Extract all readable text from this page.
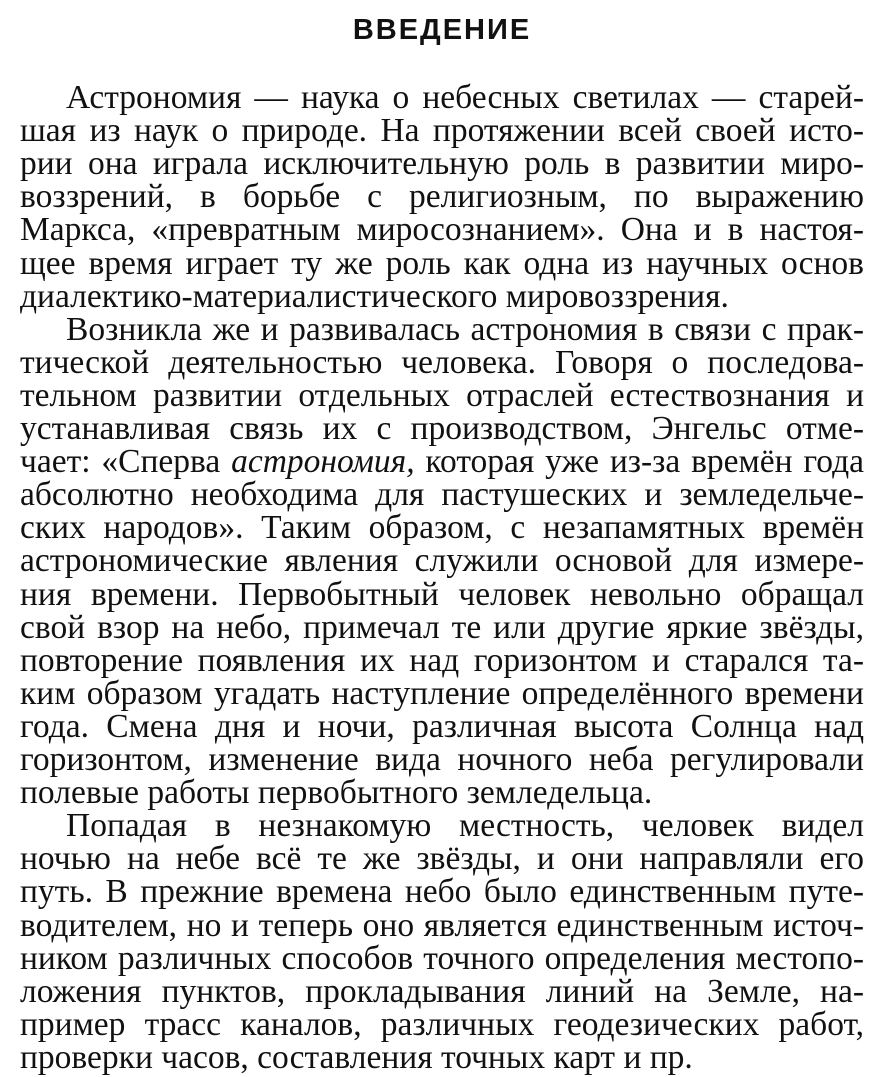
ВВЕДЕНИЕ
Астрономия — наука о небесных светилах — старей-
шая из наук о природе. На протяжении всей своей исто-
рии она играла исключительную роль в развитии миро-
воззрений, в борьбе с религиозным, по выражению
Маркса, «превратным миросознанием». Она и в настоя-
щее время играет ту же роль как одна из научных основ
диалектико-материалистического мировоззрения.
Возникла же и развивалась астрономия в связи с прак-
тической деятельностью человека. Говоря о последова-
тельном развитии отдельных отраслей естествознания и
устанавливая связь их с производством, Энгельс отме-
чает: «Сперва астрономия, которая уже из-за времён года
абсолютно необходима для пастушеских и земледельче-
ских народов». Таким образом, с незапамятных времён
астрономические явления служили основой для измере-
ния времени. Первобытный человек невольно обращал
свой взор на небо, примечал те или другие яркие звёзды,
повторение появления их над горизонтом и старался та-
ким образом угадать наступление определённого времени
года. Смена дня и ночи, различная высота Солнца над
горизонтом, изменение вида ночного неба регулировали
полевые работы первобытного земледельца.
Попадая в незнакомую местность, человек видел
ночью на небе всё те же звёзды, и они направляли его
путь. В прежние времена небо было единственным путе-
водителем, но и теперь оно является единственным источ-
ником различных способов точного определения местопо-
ложения пунктов, прокладывания линий на Земле, на-
пример трасс каналов, различных геодезических работ,
проверки часов, составления точных карт и пр.
